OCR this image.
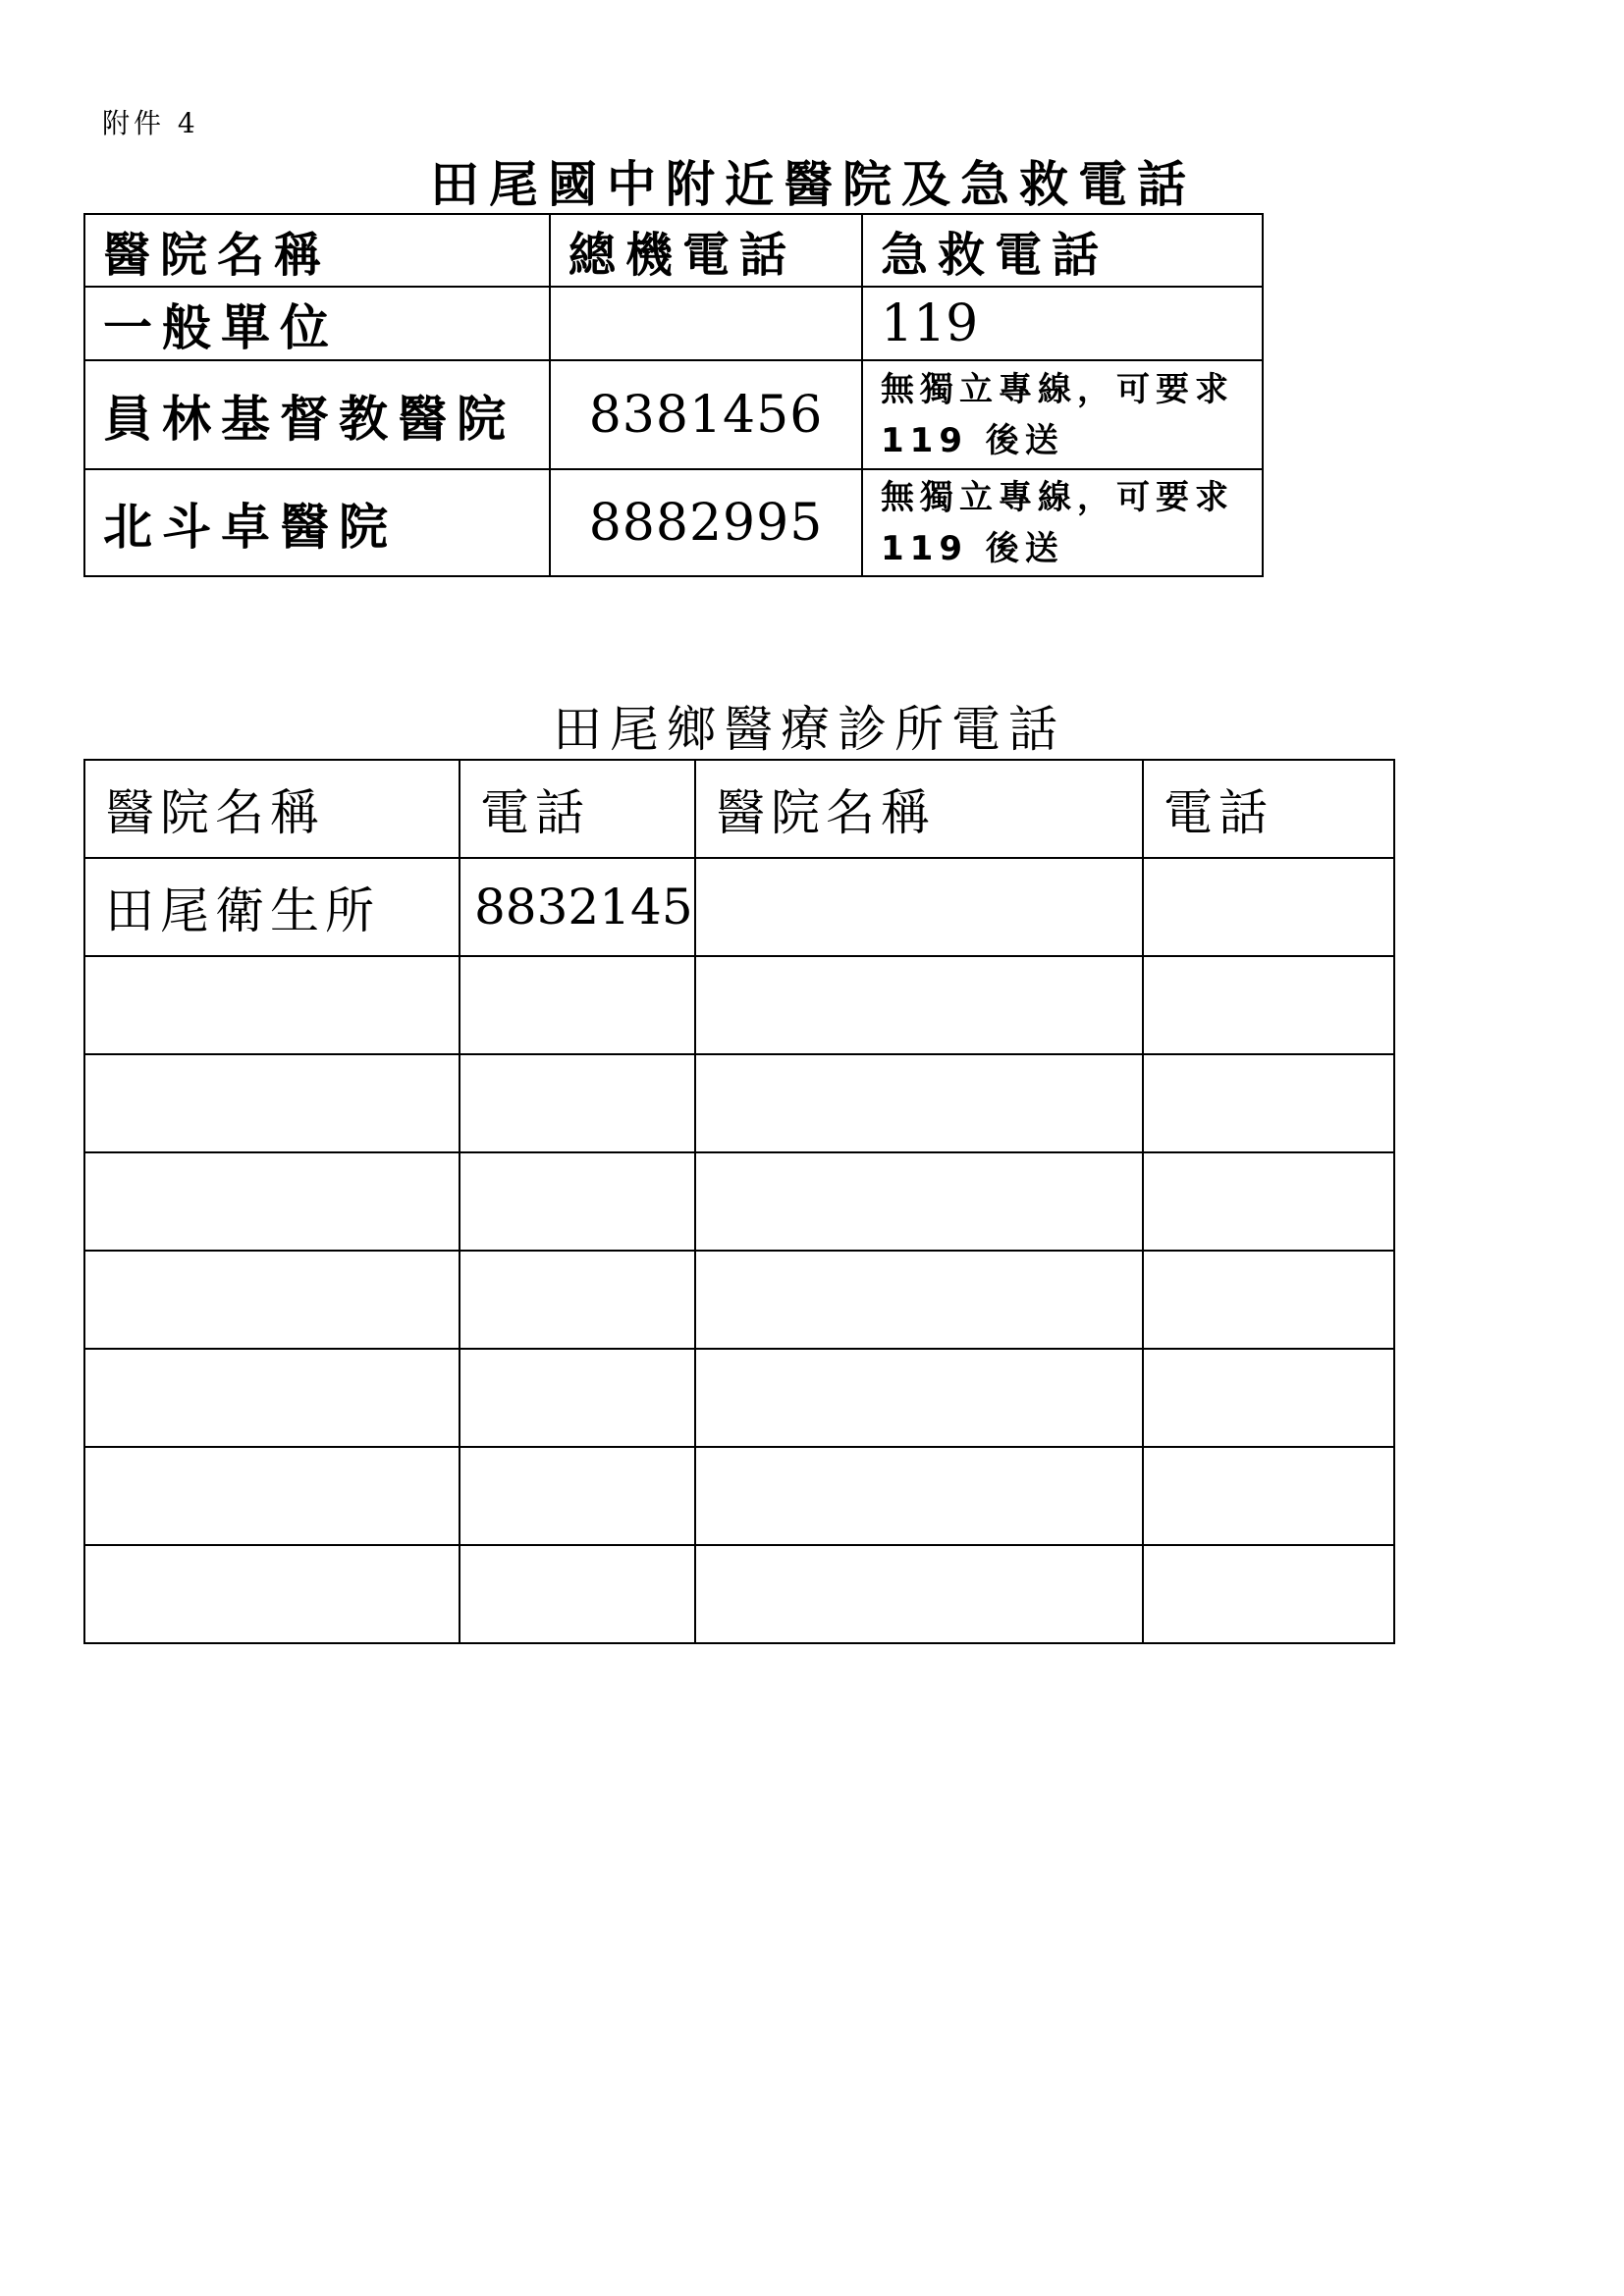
附件 4
田尾國中附近醫院及急救電話
醫院名稱	總機電話	急救電話
一般單位		119
員林基督教醫院	8381456	無獨立專線，可要求 119 後送
北斗卓醫院	8882995	無獨立專線，可要求 119 後送
田尾鄉醫療診所電話
醫院名稱	電話	醫院名稱	電話
田尾衛生所	8832145		
